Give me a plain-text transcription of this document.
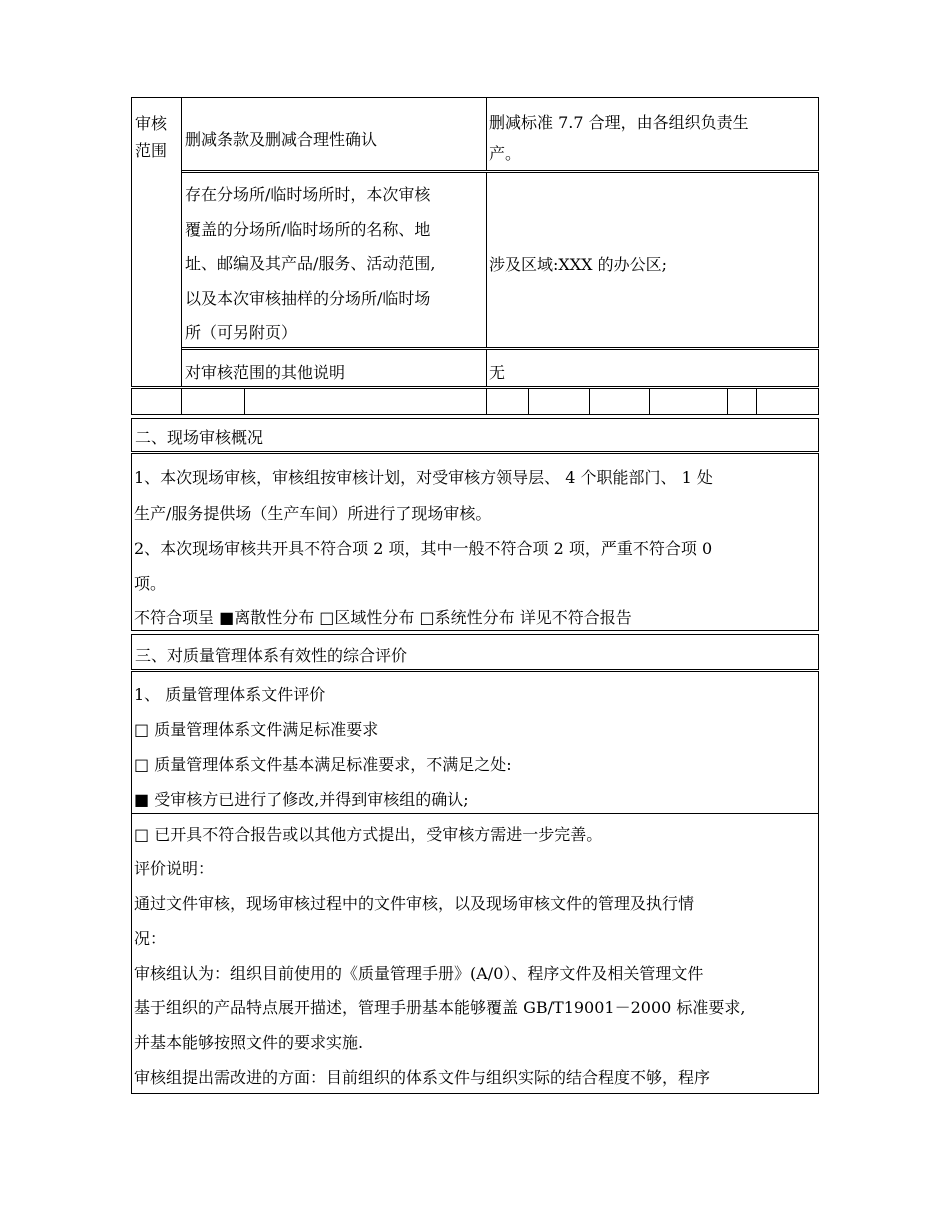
审核
范围
删减条款及删减合理性确认
删减标准 7.7 合理，由各组织负责生
产。
存在分场所/临时场所时，本次审核
覆盖的分场所/临时场所的名称、地
址、邮编及其产品/服务、活动范围,
以及本次审核抽样的分场所/临时场
所（可另附页）
涉及区域:XXX 的办公区;
对审核范围的其他说明	无
二、现场审核概况
1、本次现场审核，审核组按审核计划，对受审核方领导层、 4 个职能部门、 1 处
生产/服务提供场（生产车间）所进行了现场审核。
2、本次现场审核共开具不符合项 2 项，其中一般不符合项 2 项，严重不符合项 0
项。
不符合项呈 ■离散性分布 □区域性分布 □系统性分布 详见不符合报告
三、对质量管理体系有效性的综合评价
1、 质量管理体系文件评价
□ 质量管理体系文件满足标准要求
□ 质量管理体系文件基本满足标准要求，不满足之处:
■ 受审核方已进行了修改,并得到审核组的确认;
□ 已开具不符合报告或以其他方式提出，受审核方需进一步完善。
评价说明：
通过文件审核，现场审核过程中的文件审核，以及现场审核文件的管理及执行情
况：
审核组认为：组织目前使用的《质量管理手册》(A/0）、程序文件及相关管理文件
基于组织的产品特点展开描述，管理手册基本能够覆盖 GB/T19001－2000 标准要求,
并基本能够按照文件的要求实施.
审核组提出需改进的方面：目前组织的体系文件与组织实际的结合程度不够，程序
